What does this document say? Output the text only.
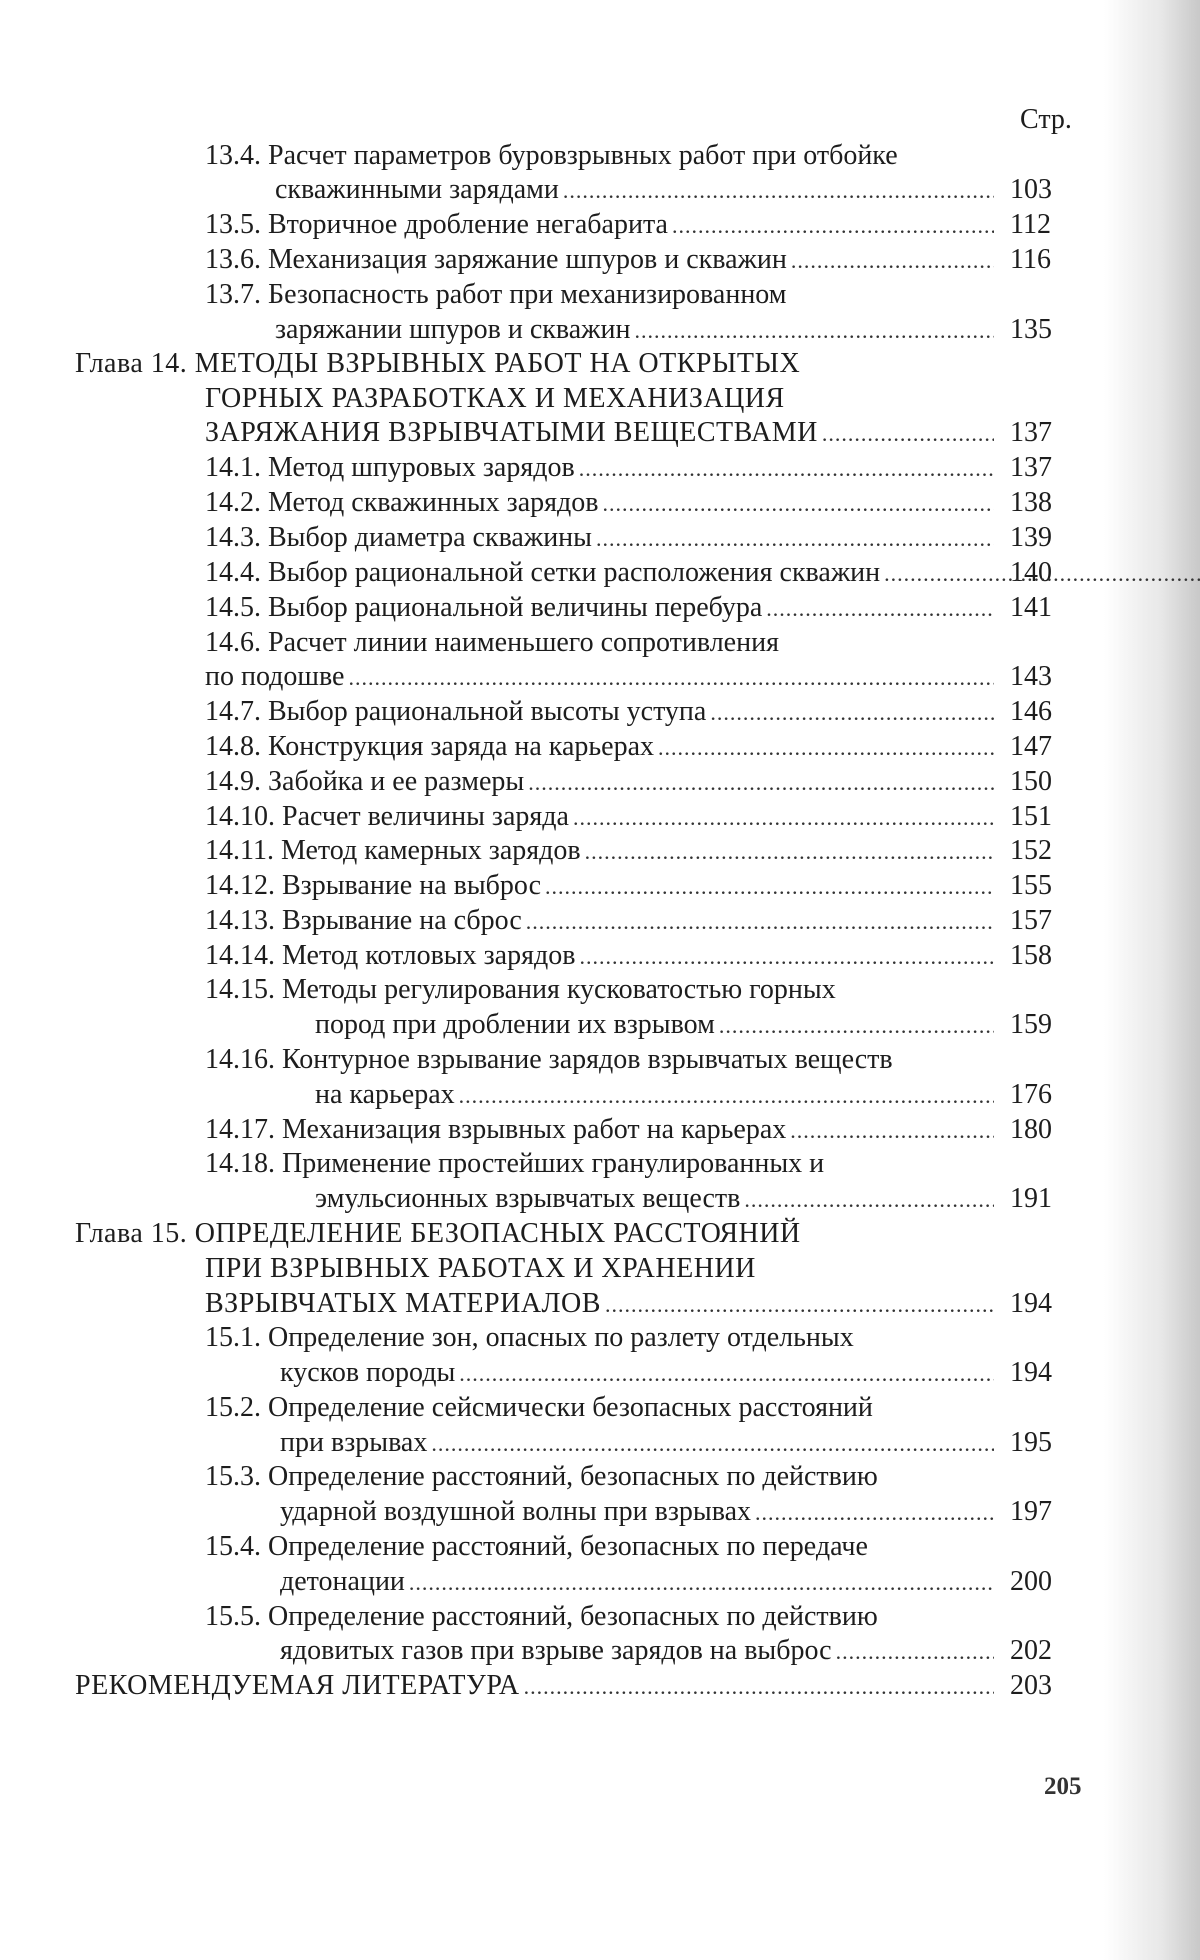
Стр.
13.4. Расчет параметров буровзрывных работ при отбойке
103
скважинными зарядами
.....
112
13.5. Вторичное дробление негабарита
.....
116
13.6. Механизация заряжание шпуров и скважин
.....
13.7. Безопасность работ при механизированном
135
заряжании шпуров и скважин
.....
Глава 14. МЕТОДЫ ВЗРЫВНЫХ РАБОТ НА ОТКРЫТЫХ
ГОРНЫХ РАЗРАБОТКАХ И МЕХАНИЗАЦИЯ
137
ЗАРЯЖАНИЯ ВЗРЫВЧАТЫМИ ВЕЩЕСТВАМИ
.....
137
14.1. Метод шпуровых зарядов
.....
138
14.2. Метод скважинных зарядов
.....
139
14.3. Выбор диаметра скважины
.....
140
14.4. Выбор рациональной сетки расположения скважин
.....
141
14.5. Выбор рациональной величины перебура
.....
14.6. Расчет линии наименьшего сопротивления
143
по подошве
.....
146
14.7. Выбор рациональной высоты уступа
.....
147
14.8. Конструкция заряда на карьерах
.....
150
14.9. Забойка и ее размеры
.....
151
14.10. Расчет величины заряда
.....
152
14.11. Метод камерных зарядов
.....
155
14.12. Взрывание на выброс
.....
157
14.13. Взрывание на сброс
.....
158
14.14. Метод котловых зарядов
.....
14.15. Методы регулирования кусковатостью горных
159
пород при дроблении их взрывом
.....
14.16. Контурное взрывание зарядов взрывчатых веществ
176
на карьерах
.....
180
14.17. Механизация взрывных работ на карьерах
.....
14.18. Применение простейших гранулированных и
191
эмульсионных взрывчатых веществ
.....
Глава 15. ОПРЕДЕЛЕНИЕ БЕЗОПАСНЫХ РАССТОЯНИЙ
ПРИ ВЗРЫВНЫХ РАБОТАХ И ХРАНЕНИИ
194
ВЗРЫВЧАТЫХ МАТЕРИАЛОВ
.....
15.1. Определение зон, опасных по разлету отдельных
194
кусков породы
.....
15.2. Определение сейсмически безопасных расстояний
195
при взрывах
.....
15.3. Определение расстояний, безопасных по действию
197
ударной воздушной волны при взрывах
.....
15.4. Определение расстояний, безопасных по передаче
200
детонации
.....
15.5. Определение расстояний, безопасных по действию
202
ядовитых газов при взрыве зарядов на выброс
.....
203
РЕКОМЕНДУЕМАЯ ЛИТЕРАТУРА
.....
205
